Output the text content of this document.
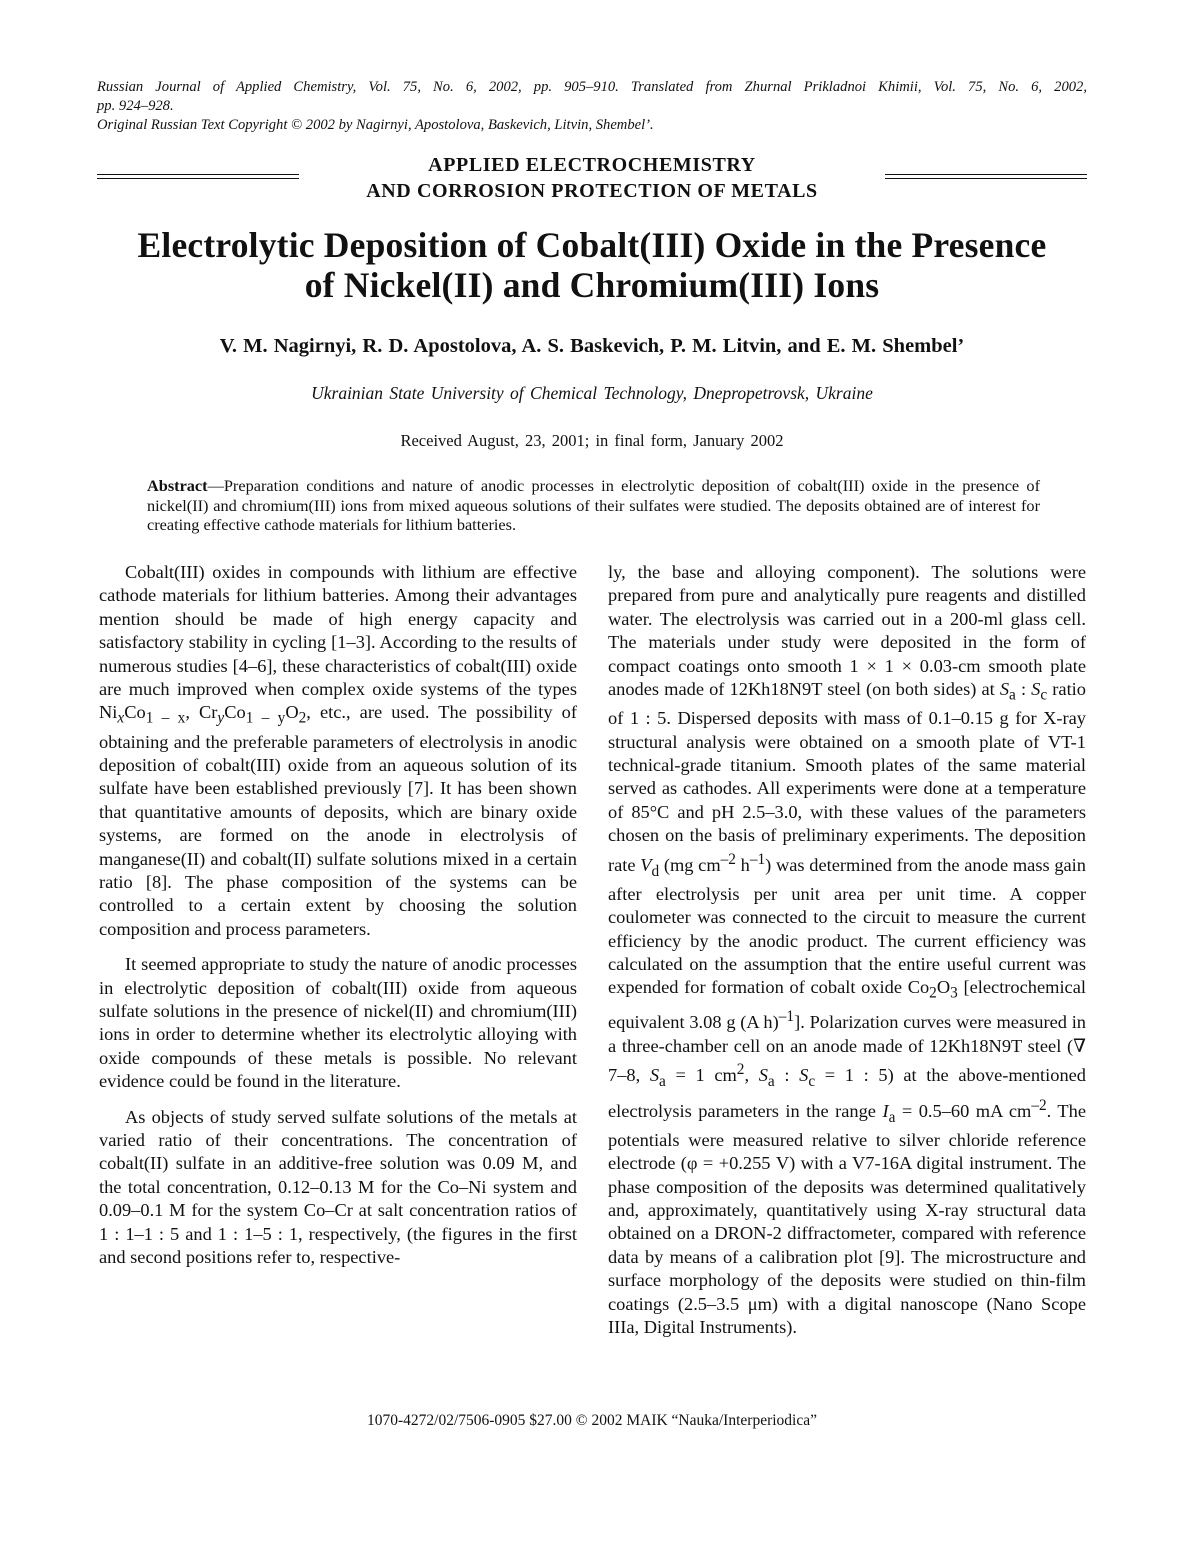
Russian Journal of Applied Chemistry, Vol. 75, No. 6, 2002, pp. 905–910. Translated from Zhurnal Prikladnoi Khimii, Vol. 75, No. 6, 2002,
pp. 924–928.
Original Russian Text Copyright © 2002 by Nagirnyi, Apostolova, Baskevich, Litvin, Shembel’.
APPLIED ELECTROCHEMISTRY
AND CORROSION PROTECTION OF METALS
Electrolytic Deposition of Cobalt(III) Oxide in the Presence
of Nickel(II) and Chromium(III) Ions
V. M. Nagirnyi, R. D. Apostolova, A. S. Baskevich, P. M. Litvin, and E. M. Shembel’
Ukrainian State University of Chemical Technology, Dnepropetrovsk, Ukraine
Received August, 23, 2001; in final form, January 2002
Abstract—Preparation conditions and nature of anodic processes in electrolytic deposition of cobalt(III) oxide in the presence of nickel(II) and chromium(III) ions from mixed aqueous solutions of their sulfates were studied. The deposits obtained are of interest for creating effective cathode materials for lithium batteries.

Cobalt(III) oxides in compounds with lithium are effective cathode materials for lithium batteries. Among their advantages mention should be made of high energy capacity and satisfactory stability in cycling [1–3]. According to the results of numerous studies [4–6], these characteristics of cobalt(III) oxide are much improved when complex oxide systems of the types $Ni_xCo_{1 - x}$, $Cr_yCo_{1 - y}O_2$, etc., are used. The possibility of obtaining and the preferable parameters of electrolysis in anodic deposition of cobalt(III) oxide from an aqueous solution of its sulfate have been established previously [7]. It has been shown that quantitative amounts of deposits, which are binary oxide systems, are formed on the anode in electrolysis of manganese(II) and cobalt(II) sulfate solutions mixed in a certain ratio [8]. The phase composition of the systems can be controlled to a certain extent by choosing the solution composition and process parameters.

It seemed appropriate to study the nature of anodic processes in electrolytic deposition of cobalt(III) oxide from aqueous sulfate solutions in the presence of nickel(II) and chromium(III) ions in order to determine whether its electrolytic alloying with oxide compounds of these metals is possible. No relevant evidence could be found in the literature.

As objects of study served sulfate solutions of the metals at varied ratio of their concentrations. The concentration of cobalt(II) sulfate in an additive-free solution was 0.09 M, and the total concentration, 0.12–0.13 M for the Co–Ni system and 0.09–0.1 M for the system Co–Cr at salt concentration ratios of 1 : 1–1 : 5 and 1 : 1–5 : 1, respectively, (the figures in the first and second positions refer to, respective-

ly, the base and alloying component). The solutions were prepared from pure and analytically pure reagents and distilled water. The electrolysis was carried out in a 200-ml glass cell. The materials under study were deposited in the form of compact coatings onto smooth 1 × 1 × 0.03-cm smooth plate anodes made of 12Kh18N9T steel (on both sides) at $S_a$ : $S_c$ ratio of 1 : 5. Dispersed deposits with mass of 0.1–0.15 g for X-ray structural analysis were obtained on a smooth plate of VT-1 technical-grade titanium. Smooth plates of the same material served as cathodes. All experiments were done at a temperature of 85°C and pH 2.5–3.0, with these values of the parameters chosen on the basis of preliminary experiments. The deposition rate $V_d$ (mg $cm^{-2}$ $h^{-1}$) was determined from the anode mass gain after electrolysis per unit area per unit time. A copper coulometer was connected to the circuit to measure the current efficiency by the anodic product. The current efficiency was calculated on the assumption that the entire useful current was expended for formation of cobalt oxide $Co_2O_3$ [electrochemical equivalent 3.08 g (A h)$^{-1}$]. Polarization curves were measured in a three-chamber cell on an anode made of 12Kh18N9T steel (∇ 7–8, $S_a = 1$ $cm^2$, $S_a$ : $S_c = 1$ : 5) at the above-mentioned electrolysis parameters in the range $I_a = 0.5-60$ mA $cm^{-2}$. The potentials were measured relative to silver chloride reference electrode (φ = +0.255 V) with a V7-16A digital instrument. The phase composition of the deposits was determined qualitatively and, approximately, quantitatively using X-ray structural data obtained on a DRON-2 diffractometer, compared with reference data by means of a calibration plot [9]. The microstructure and surface morphology of the deposits were studied on thin-film coatings (2.5–3.5 μm) with a digital nanoscope (Nano Scope IIIa, Digital Instruments).

1070-4272/02/7506-0905 $27.00 © 2002 MAIK “Nauka/Interperiodica”
